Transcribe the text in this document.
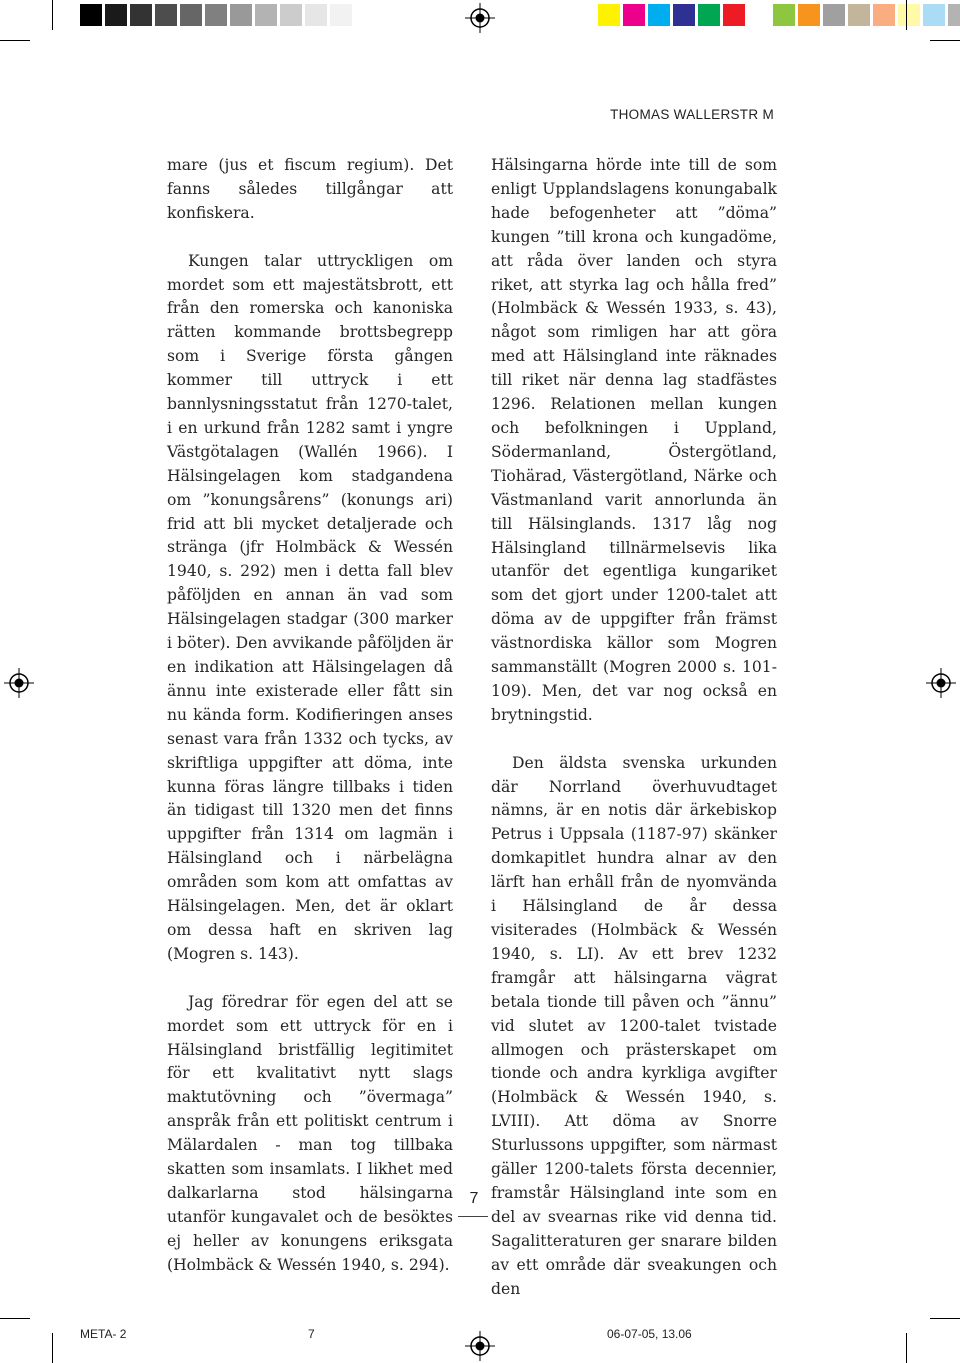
THOMAS WALLERSTR M

mare (jus et fiscum regium). Det fanns således tillgångar att konfiskera.

Kungen talar uttryckligen om mordet som ett majestätsbrott, ett från den romerska och kanoniska rätten kommande brottsbegrepp som i Sverige första gången kommer till uttryck i ett bannlysningsstatut från 1270-talet, i en urkund från 1282 samt i yngre Västgötalagen (Wallén 1966). I Hälsingelagen kom stadgandena om ”konungsårens” (konungs ari) frid att bli mycket detaljerade och stränga (jfr Holmbäck & Wessén 1940, s. 292) men i detta fall blev påföljden en annan än vad som Hälsingelagen stadgar (300 marker i böter). Den avvikande påföljden är en indikation att Hälsingelagen då ännu inte existerade eller fått sin nu kända form. Kodifieringen anses senast vara från 1332 och tycks, av skriftliga uppgifter att döma, inte kunna föras längre tillbaks i tiden än tidigast till 1320 men det finns uppgifter från 1314 om lagmän i Hälsingland och i närbelägna områden som kom att omfattas av Hälsingelagen. Men, det är oklart om dessa haft en skriven lag (Mogren s. 143).

Jag föredrar för egen del att se mordet som ett uttryck för en i Hälsingland bristfällig legitimitet för ett kvalitativt nytt slags maktutövning och ”övermaga” anspråk från ett politiskt centrum i Mälardalen - man tog tillbaka skatten som insamlats. I likhet med dalkarlarna stod hälsingarna utanför kungavalet och de besöktes ej heller av konungens eriksgata (Holmbäck & Wessén 1940, s. 294).

Hälsingarna hörde inte till de som enligt Upplandslagens konungabalk hade befogenheter att ”döma” kungen ”till krona och kungadöme, att råda över landen och styra riket, att styrka lag och hålla fred” (Holmbäck & Wessén 1933, s. 43), något som rimligen har att göra med att Hälsingland inte räknades till riket när denna lag stadfästes 1296. Relationen mellan kungen och befolkningen i Uppland, Södermanland, Östergötland, Tiohärad, Västergötland, Närke och Västmanland varit annorlunda än till Hälsinglands. 1317 låg nog Hälsingland tillnärmelsevis lika utanför det egentliga kungariket som det gjort under 1200-talet att döma av de uppgifter från främst västnordiska källor som Mogren sammanställt (Mogren 2000 s. 101-109). Men, det var nog också en brytningstid.

Den äldsta svenska urkunden där Norrland överhuvudtaget nämns, är en notis där ärkebiskop Petrus i Uppsala (1187-97) skänker domkapitlet hundra alnar av den lärft han erhåll från de nyomvända i Hälsingland de år dessa visiterades (Holmbäck & Wessén 1940, s. LI). Av ett brev 1232 framgår att hälsingarna vägrat betala tionde till påven och ”ännu” vid slutet av 1200-talet tvistade allmogen och prästerskapet om tionde och andra kyrkliga avgifter (Holmbäck & Wessén 1940, s. LVIII). Att döma av Snorre Sturlussons uppgifter, som närmast gäller 1200-talets första decennier, framstår Hälsingland inte som en del av svearnas rike vid denna tid. Sagalitteraturen ger snarare bilden av ett område där sveakungen och den

7
META- 2	7	06-07-05, 13.06
